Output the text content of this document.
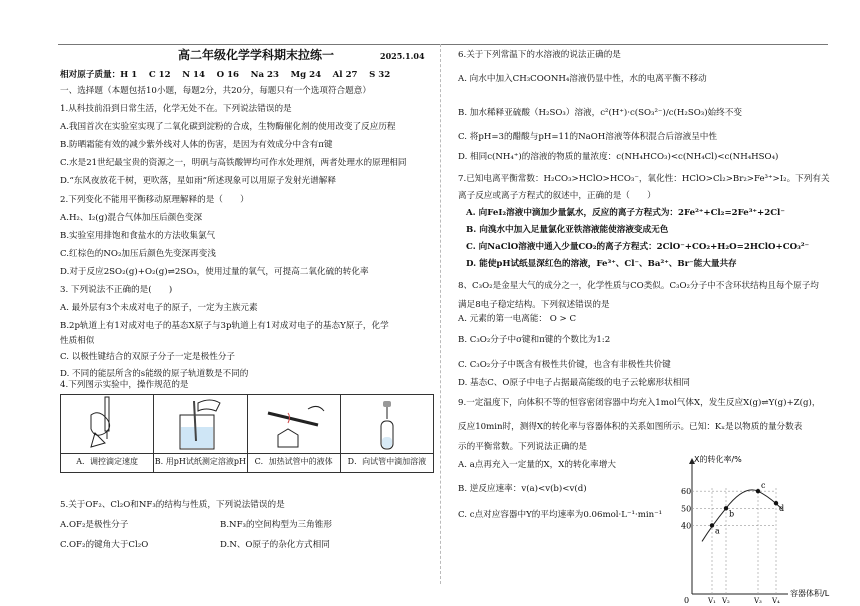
高二年级化学学科期末拉练一	2025.1.04
相对原子质量：H 1　 C 12　 N 14　 O 16　 Na 23　 Mg 24　 Al 27　 S 32
一、选择题（本题包括10小题，每题2分，共20分，每题只有一个选项符合题意）
1.从科技前沿到日常生活，化学无处不在。下列说法错误的是
A.我国首次在实验室实现了二氧化碳到淀粉的合成，生物酶催化剂的使用改变了反应历程
B.防晒霜能有效的减少紫外线对人体的伤害，是因为有效成分中含有π键
C.水是21世纪最宝贵的资源之一，明矾与高铁酸钾均可作水处理剂，两者处理水的原理相同
D.“东风夜放花千树，更吹落，星如雨”所述现象可以用原子发射光谱解释
2.下列变化不能用平衡移动原理解释的是（　　）
A.H₂、I₂(g)混合气体加压后颜色变深
B.实验室用排饱和食盐水的方法收集氯气
C.红棕色的NO₂加压后颜色先变深再变浅
D.对于反应2SO₂(g)+O₂(g)⇌2SO₃，使用过量的氧气，可提高二氧化硫的转化率
3. 下列说法不正确的是(　　)
A. 最外层有3个未成对电子的原子，一定为主族元素
B.2p轨道上有1对成对电子的基态X原子与3p轨道上有1对成对电子的基态Y原子，化学
性质相似
C. 以极性键结合的双原子分子一定是极性分子
D. 不同的能层所含的s能级的原子轨道数是不同的
4.下列图示实验中，操作规范的是
A．调控滴定速度	B. 用pH试纸测定溶液pH	C．加热试管中的液体	D．向试管中滴加溶液
5.关于OF₂、Cl₂O和NF₃的结构与性质，下列说法错误的是
A.OF₂是极性分子	B.NF₃的空间构型为三角锥形
C.OF₂的键角大于Cl₂O	D.N、O原子的杂化方式相同
6.关于下列常温下的水溶液的说法正确的是
A. 向水中加入CH₃COONH₄溶液仍显中性，水的电离平衡不移动
B. 加水稀释亚硫酸（H₂SO₃）溶液，c²(H⁺)·c(SO₃²⁻)/c(H₂SO₃)始终不变
C. 将pH=3的醋酸与pH=11的NaOH溶液等体积混合后溶液呈中性
D. 相同c(NH₄⁺)的溶液的物质的量浓度：c(NH₄HCO₃)<c(NH₄Cl)<c(NH₄HSO₄)
7.已知电离平衡常数：H₂CO₃>HClO>HCO₃⁻，氧化性：HClO>Cl₂>Br₂>Fe³⁺>I₂。下列有关
离子反应或离子方程式的叙述中，正确的是（　　）
A. 向FeI₂溶液中滴加少量氯水，反应的离子方程式为：2Fe²⁺+Cl₂=2Fe³⁺+2Cl⁻
B. 向溴水中加入足量氯化亚铁溶液能使溶液变成无色
C. 向NaClO溶液中通入少量CO₂的离子方程式：2ClO⁻+CO₂+H₂O=2HClO+CO₃²⁻
D. 能使pH试纸显深红色的溶液，Fe³⁺、Cl⁻、Ba²⁺、Br⁻能大量共存
8、C₃O₂是金星大气的成分之一，化学性质与CO类似。C₃O₂分子中不含环状结构且每个原子均
满足8电子稳定结构。下列叙述错误的是
A. 元素的第一电离能： O > C
B. C₃O₂分子中σ键和π键的个数比为1:2
C. C₃O₂分子中既含有极性共价键，也含有非极性共价键
D. 基态C、O原子中电子占据最高能级的电子云轮廓形状相同
9.一定温度下，向体积不等的恒容密闭容器中均充入1mol气体X，发生反应X(g)⇌Y(g)+Z(g)，
反应10min时，测得X的转化率与容器体积的关系如图所示。已知：Kₓ是以物质的量分数表
示的平衡常数。下列说法正确的是
A. a点再充入一定量的X，X的转化率增大
B. 逆反应速率：v(a)<v(b)<v(d)
C. c点对应容器中Y的平均速率为0.06mol·L⁻¹·min⁻¹
X的转化率/%
容器体积/L
0
40
50
60
V₁ V₂	V₃ V₄
a
b
c
d
